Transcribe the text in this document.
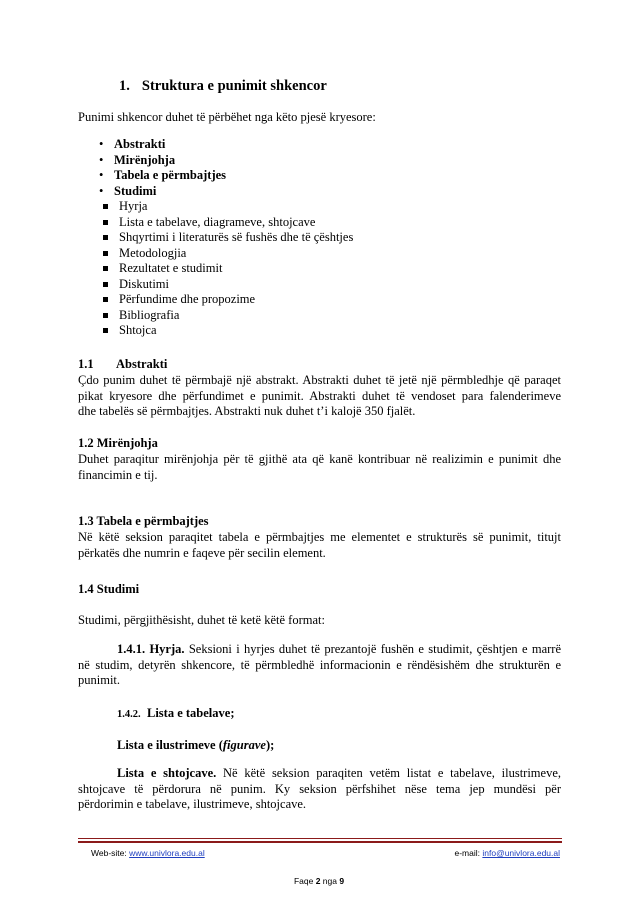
1. Struktura e punimit shkencor
Punimi shkencor duhet të përbëhet nga këto pjesë kryesore:
• Abstrakti
• Mirënjohja
• Tabela e përmbajtjes
• Studimi
Hyrja
Lista e tabelave, diagrameve, shtojcave
Shqyrtimi i literaturës së fushës dhe të çështjes
Metodologjia
Rezultatet e studimit
Diskutimi
Përfundime dhe propozime
Bibliografia
Shtojca
1.1 Abstrakti

Çdo punim duhet të përmbajë një abstrakt. Abstrakti duhet të jetë një përmbledhje që paraqet

pikat kryesore dhe përfundimet e punimit. Abstrakti duhet të vendoset para falenderimeve

dhe tabelës së përmbajtjes. Abstrakti nuk duhet t’i kalojë 350 fjalët.

1.2 Mirënjohja

Duhet paraqitur mirënjohja për të gjithë ata që kanë kontribuar në realizimin e punimit dhe

financimin e tij.

1.3 Tabela e përmbajtjes

Në këtë seksion paraqitet tabela e përmbajtjes me elementet e strukturës së punimit, titujt

përkatës dhe numrin e faqeve për secilin element.

1.4 Studimi
Studimi, përgjithësisht, duhet të ketë këtë format:

1.4.1. Hyrja. Seksioni i hyrjes duhet të prezantojë fushën e studimit, çështjen e marrë

në studim, detyrën shkencore, të përmbledhë informacionin e rëndësishëm dhe strukturën e

punimit.

1.4.2. Lista e tabelave;
Lista e ilustrimeve (figurave);

Lista e shtojcave. Në këtë seksion paraqiten vetëm listat e tabelave, ilustrimeve,

shtojcave të përdorura në punim. Ky seksion përfshihet nëse tema jep mundësi për

përdorimin e tabelave, ilustrimeve, shtojcave.

Web-site: www.univlora.edu.al	e-mail: info@univlora.edu.al
Faqe 2 nga 9
